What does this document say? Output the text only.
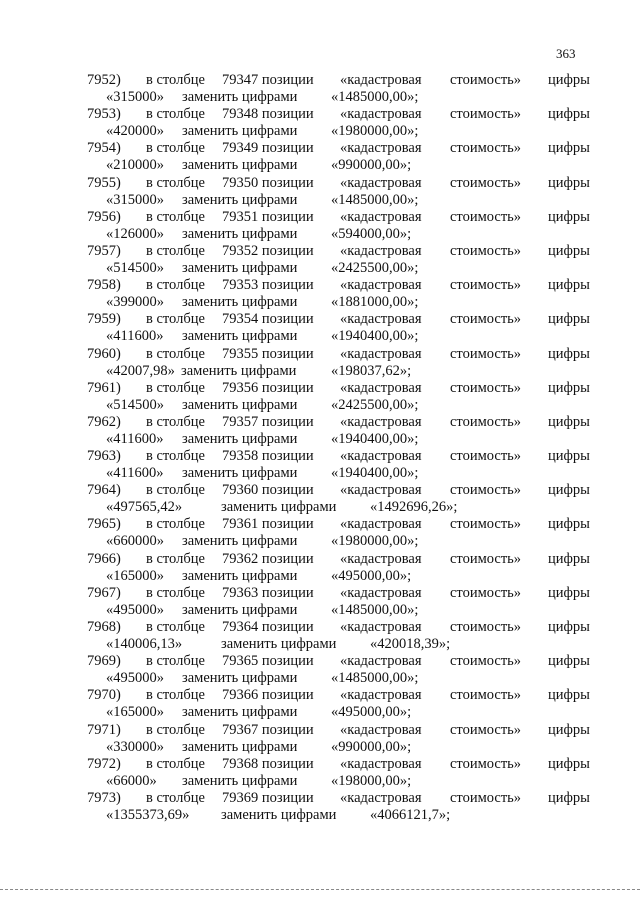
363
7952) в столбце 79347 позиции «кадастровая стоимость» цифры
«315000» заменить цифрами «1485000,00»;
7953) в столбце 79348 позиции «кадастровая стоимость» цифры
«420000» заменить цифрами «1980000,00»;
7954) в столбце 79349 позиции «кадастровая стоимость» цифры
«210000» заменить цифрами «990000,00»;
7955) в столбце 79350 позиции «кадастровая стоимость» цифры
«315000» заменить цифрами «1485000,00»;
7956) в столбце 79351 позиции «кадастровая стоимость» цифры
«126000» заменить цифрами «594000,00»;
7957) в столбце 79352 позиции «кадастровая стоимость» цифры
«514500» заменить цифрами «2425500,00»;
7958) в столбце 79353 позиции «кадастровая стоимость» цифры
«399000» заменить цифрами «1881000,00»;
7959) в столбце 79354 позиции «кадастровая стоимость» цифры
«411600» заменить цифрами «1940400,00»;
7960) в столбце 79355 позиции «кадастровая стоимость» цифры
«42007,98» заменить цифрами «198037,62»;
7961) в столбце 79356 позиции «кадастровая стоимость» цифры
«514500» заменить цифрами «2425500,00»;
7962) в столбце 79357 позиции «кадастровая стоимость» цифры
«411600» заменить цифрами «1940400,00»;
7963) в столбце 79358 позиции «кадастровая стоимость» цифры
«411600» заменить цифрами «1940400,00»;
7964) в столбце 79360 позиции «кадастровая стоимость» цифры
«497565,42»	заменить цифрами «1492696,26»;
7965) в столбце 79361 позиции «кадастровая стоимость» цифры
«660000» заменить цифрами «1980000,00»;
7966) в столбце 79362 позиции «кадастровая стоимость» цифры
«165000» заменить цифрами «495000,00»;
7967) в столбце 79363 позиции «кадастровая стоимость» цифры
«495000» заменить цифрами «1485000,00»;
7968) в столбце 79364 позиции «кадастровая стоимость» цифры
«140006,13»	заменить цифрами «420018,39»;
7969) в столбце 79365 позиции «кадастровая стоимость» цифры
«495000» заменить цифрами «1485000,00»;
7970) в столбце 79366 позиции «кадастровая стоимость» цифры
«165000» заменить цифрами «495000,00»;
7971) в столбце 79367 позиции «кадастровая стоимость» цифры
«330000» заменить цифрами «990000,00»;
7972) в столбце 79368 позиции «кадастровая стоимость» цифры
«66000» заменить цифрами «198000,00»;
7973) в столбце 79369 позиции «кадастровая стоимость» цифры
«1355373,69» заменить цифрами «4066121,7»;
